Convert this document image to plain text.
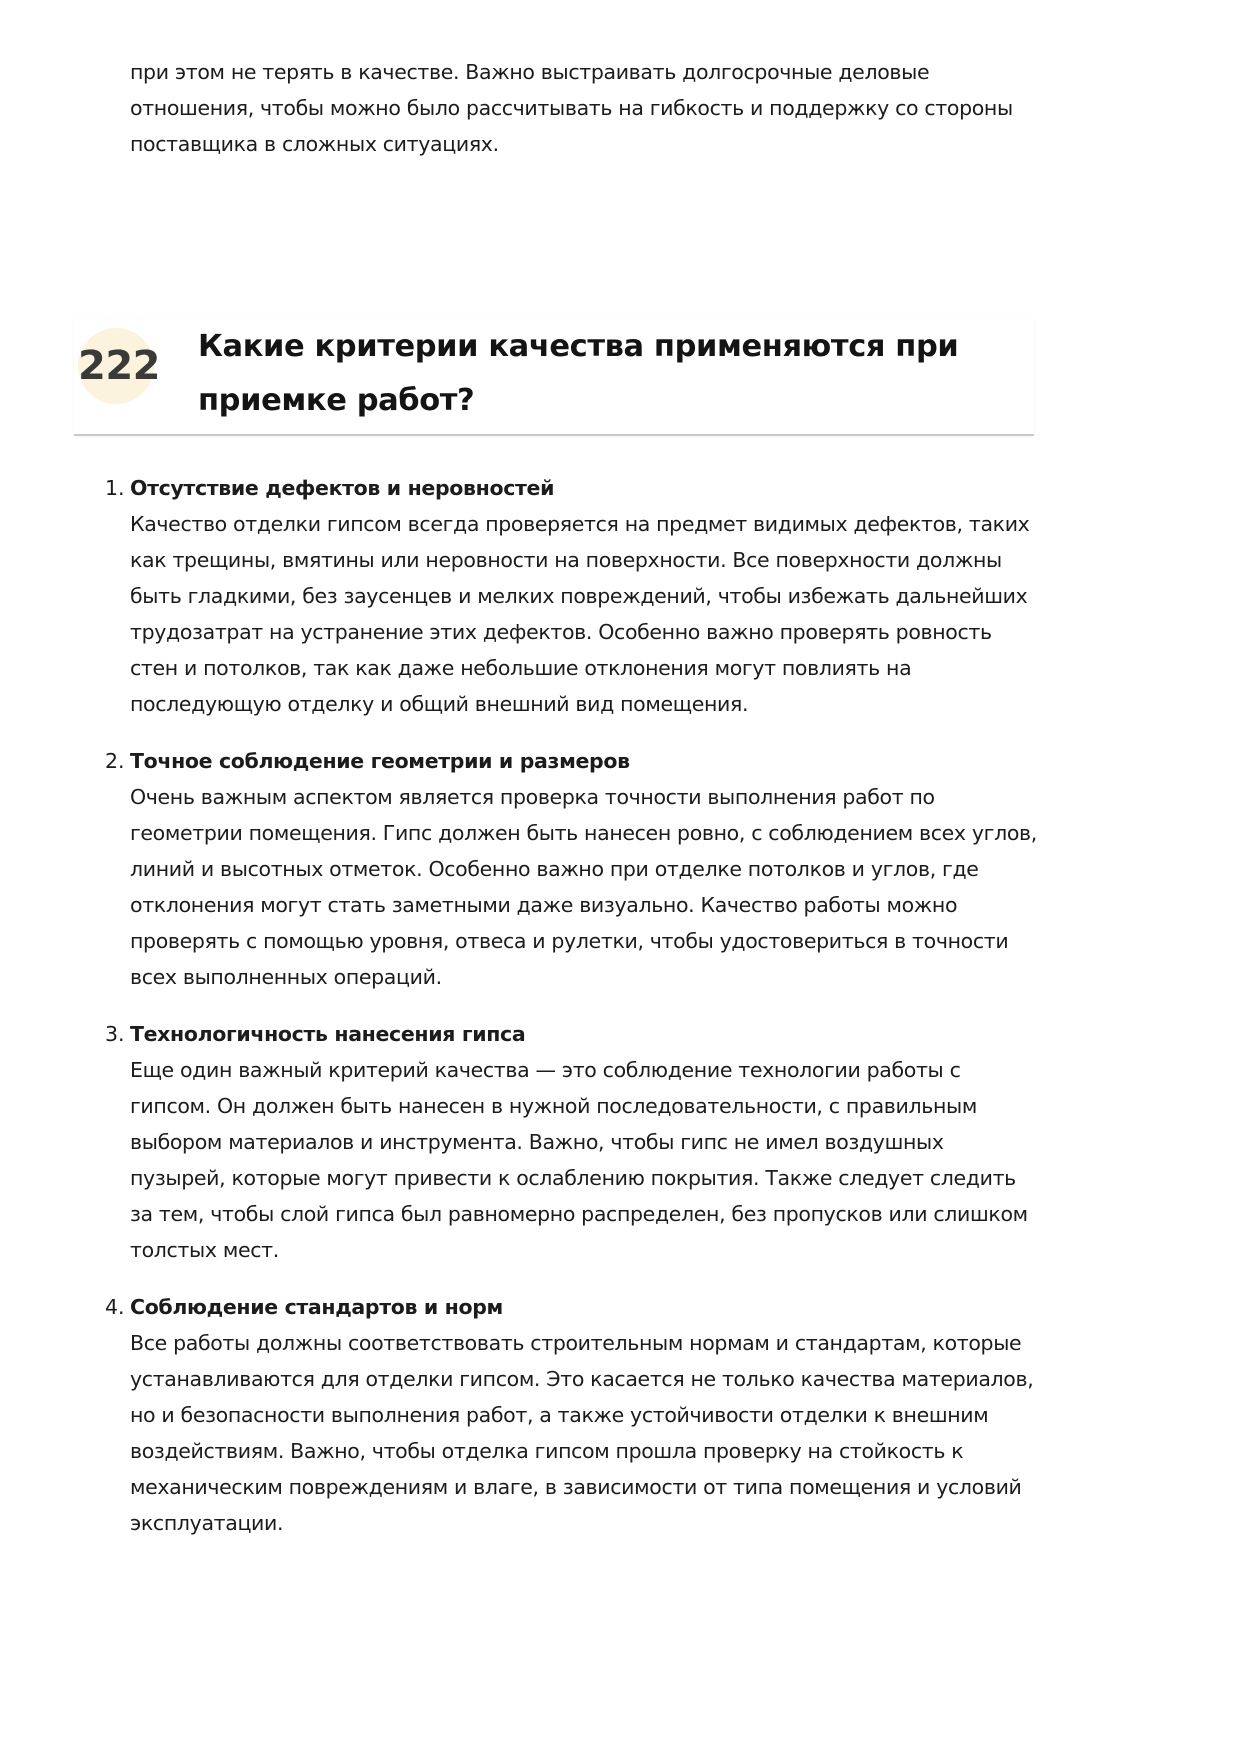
при этом не терять в качестве. Важно выстраивать долгосрочные деловые отношения, чтобы можно было рассчитывать на гибкость и поддержку со стороны поставщика в сложных ситуациях.

222 Какие критерии качества применяются при приемке работ?
1. Отсутствие дефектов и неровностей

Качество отделки гипсом всегда проверяется на предмет видимых дефектов, таких как трещины, вмятины или неровности на поверхности. Все поверхности должны быть гладкими, без заусенцев и мелких повреждений, чтобы избежать дальнейших трудозатрат на устранение этих дефектов. Особенно важно проверять ровность стен и потолков, так как даже небольшие отклонения могут повлиять на последующую отделку и общий внешний вид помещения.

2. Точное соблюдение геометрии и размеров

Очень важным аспектом является проверка точности выполнения работ по геометрии помещения. Гипс должен быть нанесен ровно, с соблюдением всех углов, линий и высотных отметок. Особенно важно при отделке потолков и углов, где отклонения могут стать заметными даже визуально. Качество работы можно проверять с помощью уровня, отвеса и рулетки, чтобы удостовериться в точности всех выполненных операций.

3. Технологичность нанесения гипса

Еще один важный критерий качества — это соблюдение технологии работы с гипсом. Он должен быть нанесен в нужной последовательности, с правильным выбором материалов и инструмента. Важно, чтобы гипс не имел воздушных пузырей, которые могут привести к ослаблению покрытия. Также следует следить за тем, чтобы слой гипса был равномерно распределен, без пропусков или слишком толстых мест.

4. Соблюдение стандартов и норм

Все работы должны соответствовать строительным нормам и стандартам, которые устанавливаются для отделки гипсом. Это касается не только качества материалов, но и безопасности выполнения работ, а также устойчивости отделки к внешним воздействиям. Важно, чтобы отделка гипсом прошла проверку на стойкость к механическим повреждениям и влаге, в зависимости от типа помещения и условий эксплуатации.
